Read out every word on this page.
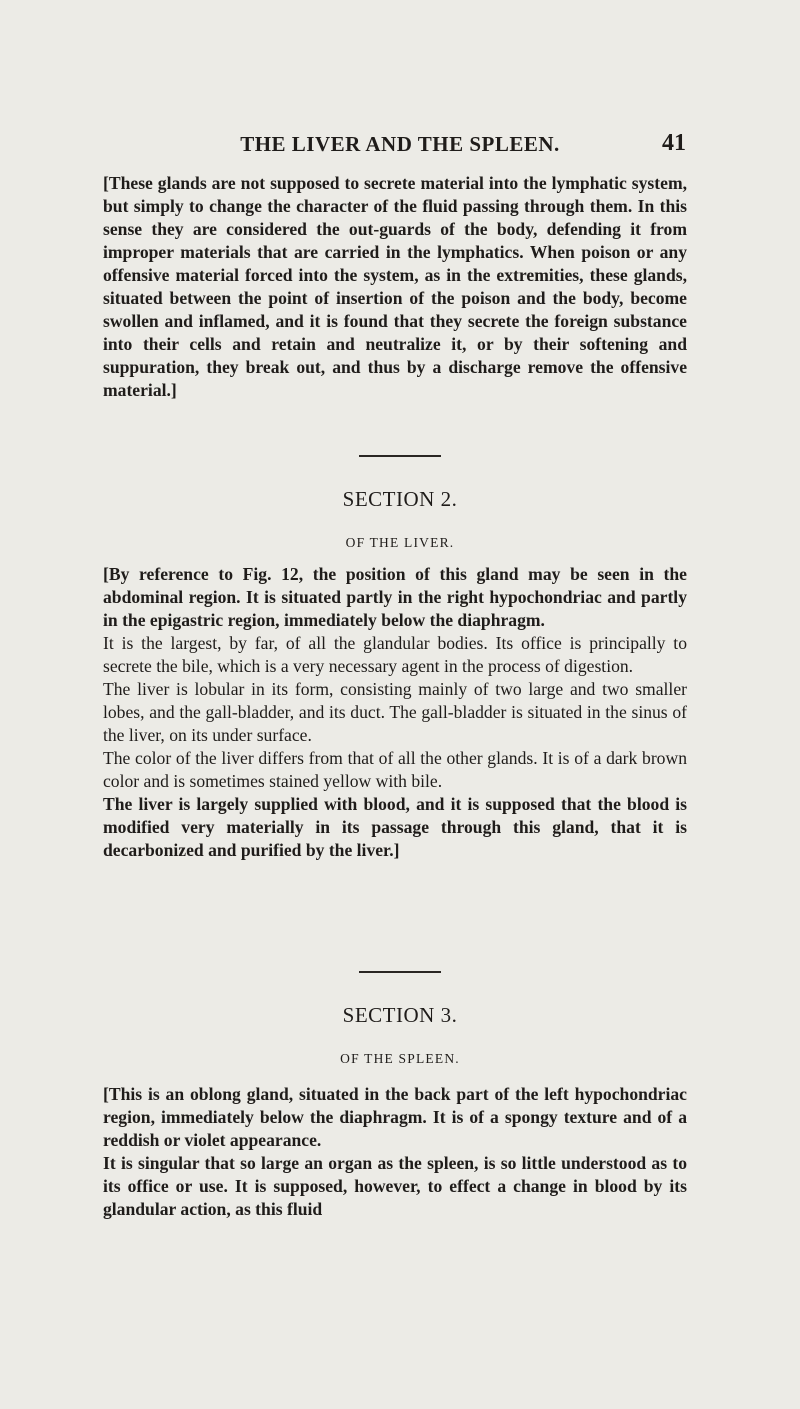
THE LIVER AND THE SPLEEN.	41

[These glands are not supposed to secrete material into the lymphatic system, but simply to change the character of the fluid passing through them. In this sense they are considered the out-guards of the body, defending it from improper materials that are carried in the lymphatics. When poison or any offensive material forced into the system, as in the extremities, these glands, situated between the point of insertion of the poison and the body, become swollen and inflamed, and it is found that they secrete the foreign substance into their cells and retain and neutralize it, or by their softening and suppuration, they break out, and thus by a discharge remove the offensive material.]

SECTION 2.
OF THE LIVER.

[By reference to Fig. 12, the position of this gland may be seen in the abdominal region. It is situated partly in the right hypochondriac and partly in the epigastric region, immediately below the diaphragm.

It is the largest, by far, of all the glandular bodies. Its office is principally to secrete the bile, which is a very necessary agent in the process of digestion.

The liver is lobular in its form, consisting mainly of two large and two smaller lobes, and the gall-bladder, and its duct. The gall-bladder is situated in the sinus of the liver, on its under surface.

The color of the liver differs from that of all the other glands. It is of a dark brown color and is sometimes stained yellow with bile.

The liver is largely supplied with blood, and it is supposed that the blood is modified very materially in its passage through this gland, that it is decarbonized and purified by the liver.]

SECTION 3.
OF THE SPLEEN.

[This is an oblong gland, situated in the back part of the left hypochondriac region, immediately below the diaphragm. It is of a spongy texture and of a reddish or violet appearance.

It is singular that so large an organ as the spleen, is so little understood as to its office or use. It is supposed, however, to effect a change in blood by its glandular action, as this fluid
